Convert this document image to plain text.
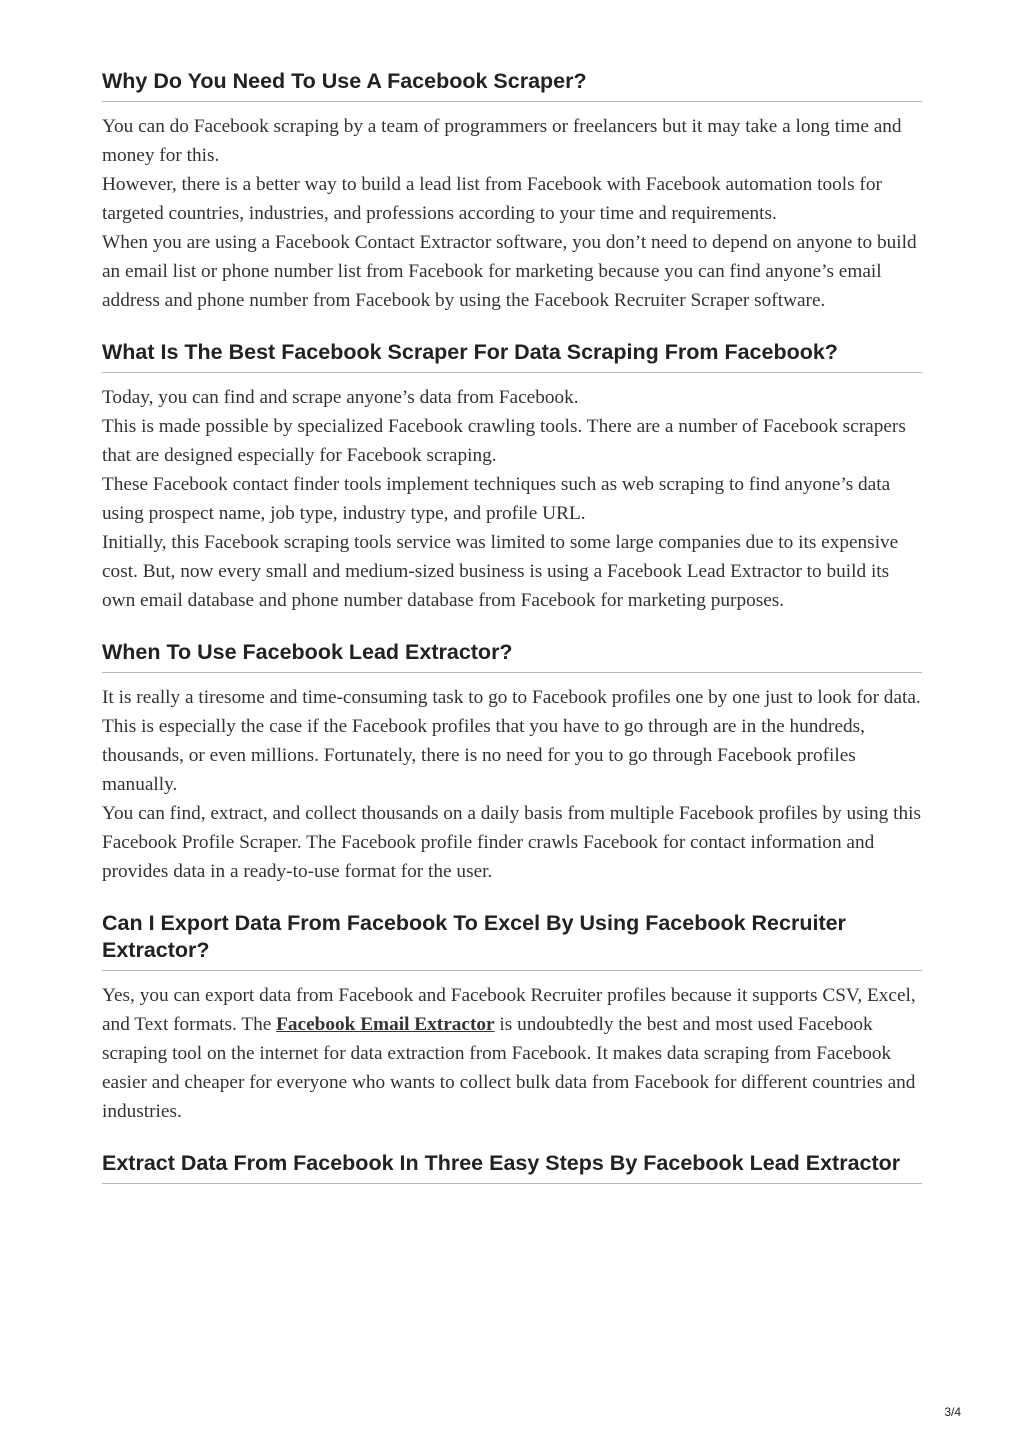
Why Do You Need To Use A Facebook Scraper?

You can do Facebook scraping by a team of programmers or freelancers but it may take a long time and money for this.

However, there is a better way to build a lead list from Facebook with Facebook automation tools for targeted countries, industries, and professions according to your time and requirements.

When you are using a Facebook Contact Extractor software, you don’t need to depend on anyone to build an email list or phone number list from Facebook for marketing because you can find anyone’s email address and phone number from Facebook by using the Facebook Recruiter Scraper software.

What Is The Best Facebook Scraper For Data Scraping From Facebook?

Today, you can find and scrape anyone’s data from Facebook.

This is made possible by specialized Facebook crawling tools. There are a number of Facebook scrapers that are designed especially for Facebook scraping.

These Facebook contact finder tools implement techniques such as web scraping to find anyone’s data using prospect name, job type, industry type, and profile URL.

Initially, this Facebook scraping tools service was limited to some large companies due to its expensive cost. But, now every small and medium-sized business is using a Facebook Lead Extractor to build its own email database and phone number database from Facebook for marketing purposes.

When To Use Facebook Lead Extractor?

It is really a tiresome and time-consuming task to go to Facebook profiles one by one just to look for data.

This is especially the case if the Facebook profiles that you have to go through are in the hundreds, thousands, or even millions. Fortunately, there is no need for you to go through Facebook profiles manually.

You can find, extract, and collect thousands on a daily basis from multiple Facebook profiles by using this Facebook Profile Scraper. The Facebook profile finder crawls Facebook for contact information and provides data in a ready-to-use format for the user.

Can I Export Data From Facebook To Excel By Using Facebook Recruiter Extractor?

Yes, you can export data from Facebook and Facebook Recruiter profiles because it supports CSV, Excel, and Text formats. The Facebook Email Extractor is undoubtedly the best and most used Facebook scraping tool on the internet for data extraction from Facebook. It makes data scraping from Facebook easier and cheaper for everyone who wants to collect bulk data from Facebook for different countries and industries.

Extract Data From Facebook In Three Easy Steps By Facebook Lead Extractor
3/4
